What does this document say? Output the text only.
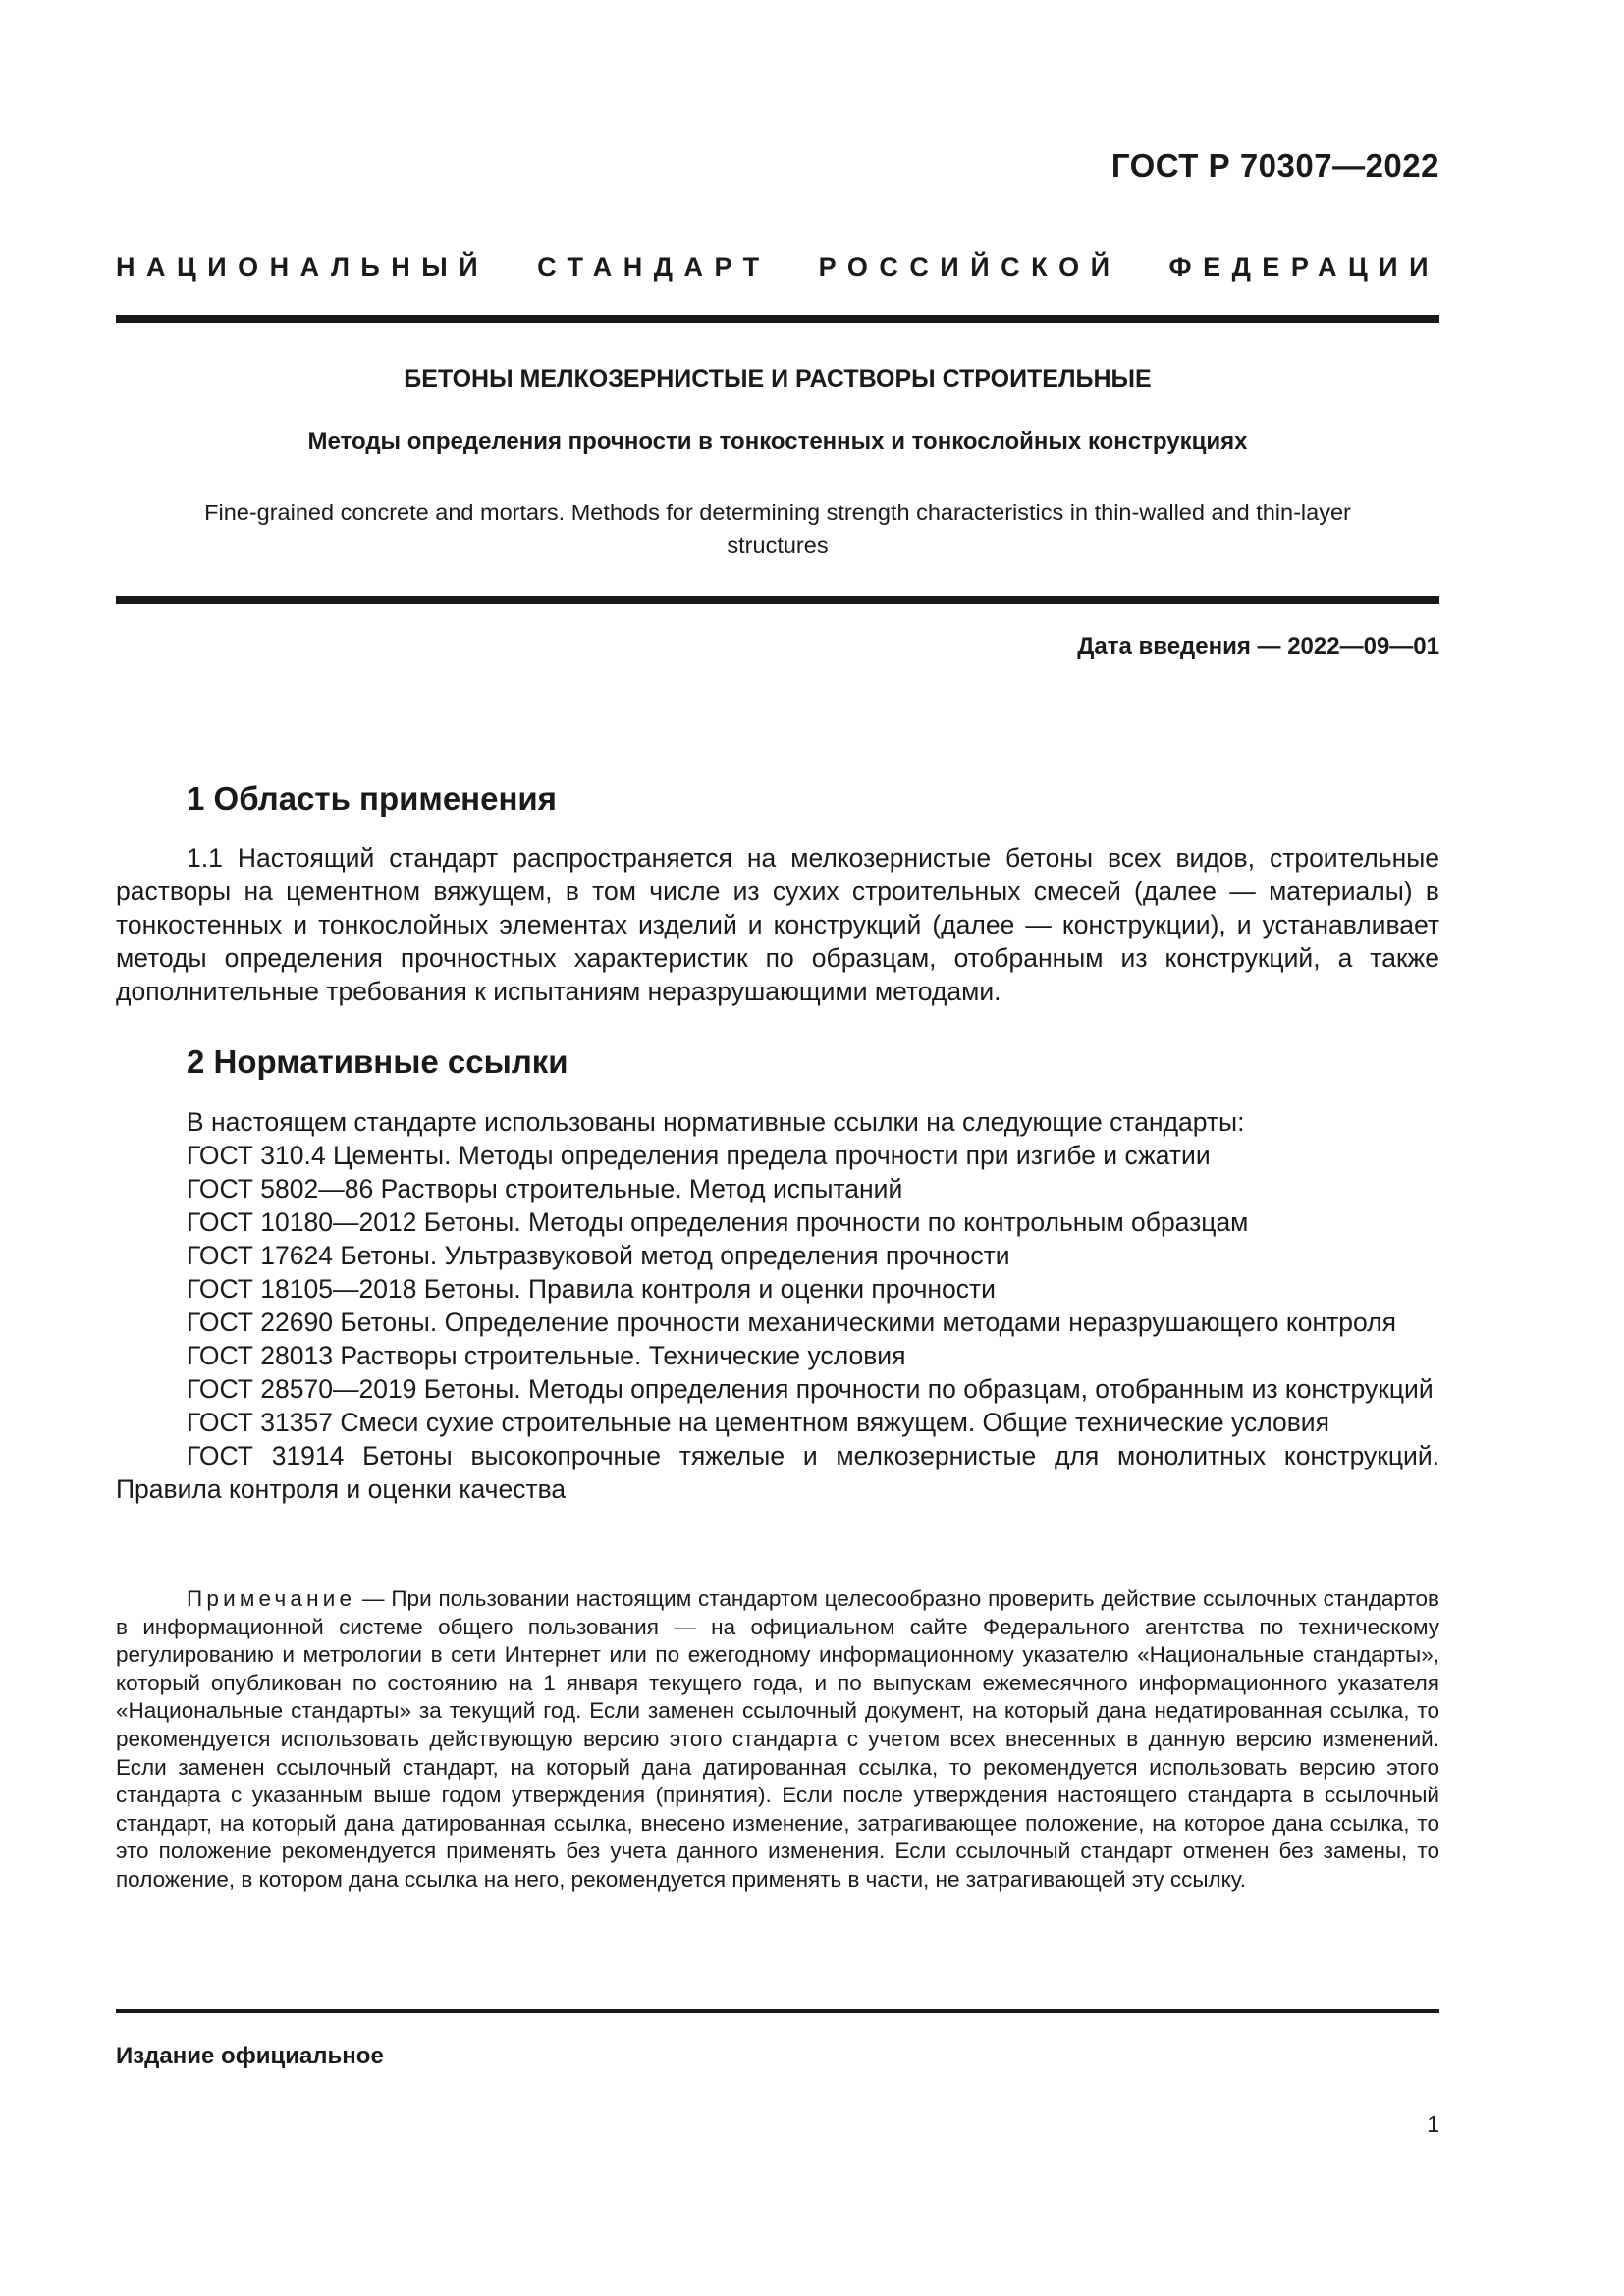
ГОСТ Р 70307—2022
НАЦИОНАЛЬНЫЙ СТАНДАРТ РОССИЙСКОЙ ФЕДЕРАЦИИ
БЕТОНЫ МЕЛКОЗЕРНИСТЫЕ И РАСТВОРЫ СТРОИТЕЛЬНЫЕ
Методы определения прочности в тонкостенных и тонкослойных конструкциях
Fine-grained concrete and mortars. Methods for determining strength characteristics in thin-walled and thin-layer structures
Дата введения — 2022—09—01
1 Область применения
1.1 Настоящий стандарт распространяется на мелкозернистые бетоны всех видов, строительные растворы на цементном вяжущем, в том числе из сухих строительных смесей (далее — материалы) в тонкостенных и тонкослойных элементах изделий и конструкций (далее — конструкции), и устанавливает методы определения прочностных характеристик по образцам, отобранным из конструкций, а также дополнительные требования к испытаниям неразрушающими методами.
2 Нормативные ссылки

В настоящем стандарте использованы нормативные ссылки на следующие стандарты:

ГОСТ 310.4 Цементы. Методы определения предела прочности при изгибе и сжатии

ГОСТ 5802—86 Растворы строительные. Метод испытаний

ГОСТ 10180—2012 Бетоны. Методы определения прочности по контрольным образцам

ГОСТ 17624 Бетоны. Ультразвуковой метод определения прочности

ГОСТ 18105—2018 Бетоны. Правила контроля и оценки прочности

ГОСТ 22690 Бетоны. Определение прочности механическими методами неразрушающего контроля

ГОСТ 28013 Растворы строительные. Технические условия

ГОСТ 28570—2019 Бетоны. Методы определения прочности по образцам, отобранным из конструкций

ГОСТ 31357 Смеси сухие строительные на цементном вяжущем. Общие технические условия

ГОСТ 31914 Бетоны высокопрочные тяжелые и мелкозернистые для монолитных конструкций. Правила контроля и оценки качества

Примечание — При пользовании настоящим стандартом целесообразно проверить действие ссылочных стандартов в информационной системе общего пользования — на официальном сайте Федерального агентства по техническому регулированию и метрологии в сети Интернет или по ежегодному информационному указателю «Национальные стандарты», который опубликован по состоянию на 1 января текущего года, и по выпускам ежемесячного информационного указателя «Национальные стандарты» за текущий год. Если заменен ссылочный документ, на который дана недатированная ссылка, то рекомендуется использовать действующую версию этого стандарта с учетом всех внесенных в данную версию изменений. Если заменен ссылочный стандарт, на который дана датированная ссылка, то рекомендуется использовать версию этого стандарта с указанным выше годом утверждения (принятия). Если после утверждения настоящего стандарта в ссылочный стандарт, на который дана датированная ссылка, внесено изменение, затрагивающее положение, на которое дана ссылка, то это положение рекомендуется применять без учета данного изменения. Если ссылочный стандарт отменен без замены, то положение, в котором дана ссылка на него, рекомендуется применять в части, не затрагивающей эту ссылку.
Издание официальное
1
